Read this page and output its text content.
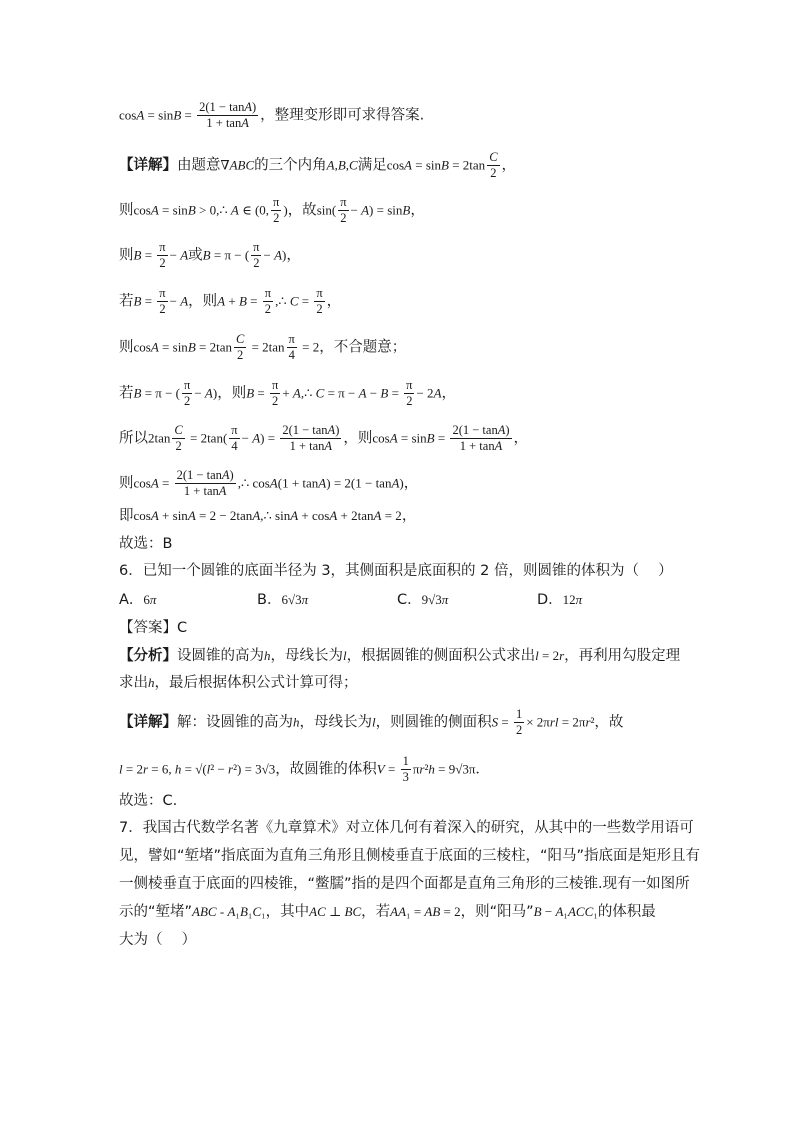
$\cos A = \sin B = \frac{2(1 - \tan A)}{1 + \tan A}$ ，整理变形即可求得答案.
【详解】由题意∇ABC的三个内角A,B,C满足$\cos A = \sin B = 2\tan \frac{C}{2}$ ，
则cosA = sinB > 0,∴ A ∈ (0, $\frac{\pi}{2}$ )，故$\sin( \frac{\pi}{2} - A) = \sin B$，
则$B = \frac{\pi}{2} - A$或B = π − ( $\frac{\pi}{2} - A$)，
若$B = \frac{\pi}{2} - A$，则$A + B = \frac{\pi}{2}$ ,∴ $C = \frac{\pi}{2}$ ，
则$\cos A = \sin B = 2\tan \frac{C}{2} = 2\tan \frac{\pi}{4} = 2$，不合题意；
若B = π − ( $\frac{\pi}{2} - A$)，则$B = \frac{\pi}{2}$ + A,∴ $C = \pi - A - B = \frac{\pi}{2} - 2A$，
所以$2\tan \frac{C}{2} = 2\tan( \frac{\pi}{4} - A) = \frac{2(1 - \tan A)}{1 + \tan A}$ ，则$\cos A = \sin B = \frac{2(1 - \tan A)}{1 + \tan A}$ ，
则$\cos A = \frac{2(1 - \tan A)}{1 + \tan A}$ ,∴ cosA(1 + tanA) = 2(1 − tanA)，
即cosA + sinA = 2 − 2tanA,∴ sinA + cosA + 2tanA = 2，
故选：B
6．已知一个圆锥的底面半径为 3，其侧面积是底面积的 2 倍，则圆锥的体积为（　 ）
A．6π	B．6√3π	C．9√3π	D．12π
【答案】C
【分析】设圆锥的高为h，母线长为l，根据圆锥的侧面积公式求出l = 2r，再利用勾股定理
求出h，最后根据体积公式计算可得；
【详解】解：设圆锥的高为h，母线长为l，则圆锥的侧面积$S = \frac{1}{2} \times 2\pi rl = 2\pi r^2$，故
l = 2r = 6, h = √(l² − r²) = 3√3，故圆锥的体积$V = \frac{1}{3} \pi r^2h = 9√3\pi$．
故选：C.
7．我国古代数学名著《九章算术》对立体几何有着深入的研究，从其中的一些数学用语可
见，譬如“堑堵”指底面为直角三角形且侧棱垂直于底面的三棱柱，“阳马”指底面是矩形且有
一侧棱垂直于底面的四棱锥，“鳖臑”指的是四个面都是直角三角形的三棱锥.现有一如图所
示的“堑堵”ABC - A₁B₁C₁，其中AC ⊥ BC，若AA₁ = AB = 2，则“阳马”B − A₁ACC₁的体积最
大为（　 ）
